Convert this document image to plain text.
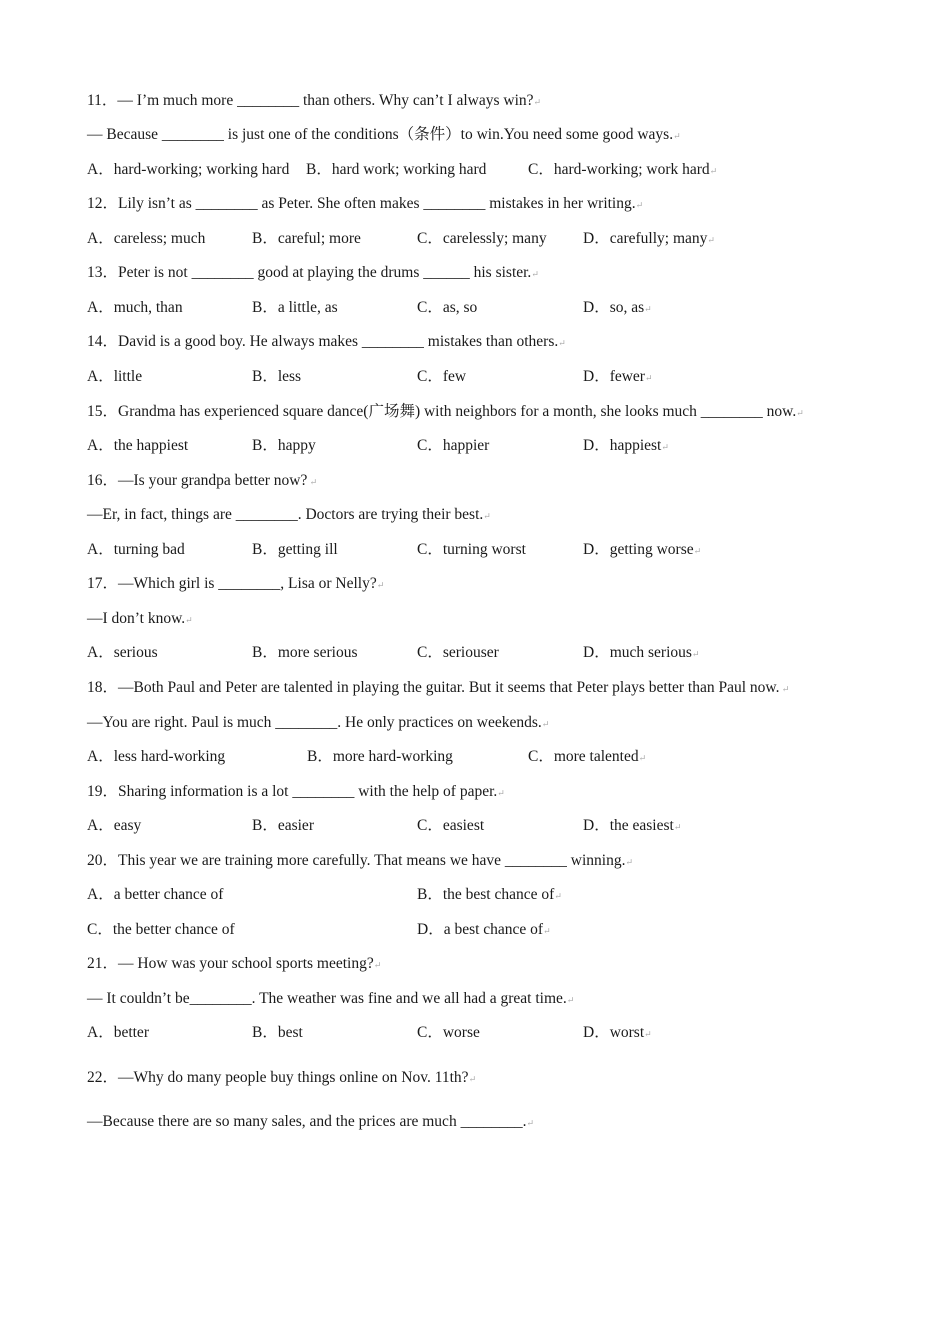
11．— I’m much more ________ than others. Why can’t I always win?↵
— Because ________ is just one of the conditions（条件）to win.You need some good ways.↵
A．hard-working; working hard B．hard work; working hard	C．hard-working; work hard↵
12．Lily isn’t as ________ as Peter. She often makes ________ mistakes in her writing.↵
A．careless; much	B．careful; more	C．carelessly; many D．carefully; many↵
13．Peter is not ________ good at playing the drums ______ his sister.↵
A．much, than	B．a little, as	C．as, so	D．so, as↵
14．David is a good boy. He always makes ________ mistakes than others.↵
A．little	B．less	C．few	D．fewer↵
15．Grandma has experienced square dance(广场舞) with neighbors for a month, she looks much ________ now.↵
A．the happiest	B．happy	C．happier	D．happiest↵
16．—Is your grandpa better now? ↵
—Er, in fact, things are ________. Doctors are trying their best.↵
A．turning bad	B．getting ill	C．turning worst	D．getting worse↵
17．—Which girl is ________, Lisa or Nelly?↵
—I don’t know.↵
A．serious	B．more serious	C．seriouser	D．much serious↵
18．—Both Paul and Peter are talented in playing the guitar. But it seems that Peter plays better than Paul now. ↵
—You are right. Paul is much ________. He only practices on weekends.↵
A．less hard-working	B．more hard-working	C．more talented↵
19．Sharing information is a lot ________ with the help of paper.↵
A．easy	B．easier	C．easiest	D．the easiest↵
20．This year we are training more carefully. That means we have ________ winning.↵
A．a better chance of	B．the best chance of↵
C．the better chance of	D．a best chance of↵
21．— How was your school sports meeting?↵
— It couldn’t be________. The weather was fine and we all had a great time.↵
A．better	B．best	C．worse	D．worst↵
22．—Why do many people buy things online on Nov. 11th?↵
—Because there are so many sales, and the prices are much ________.↵
